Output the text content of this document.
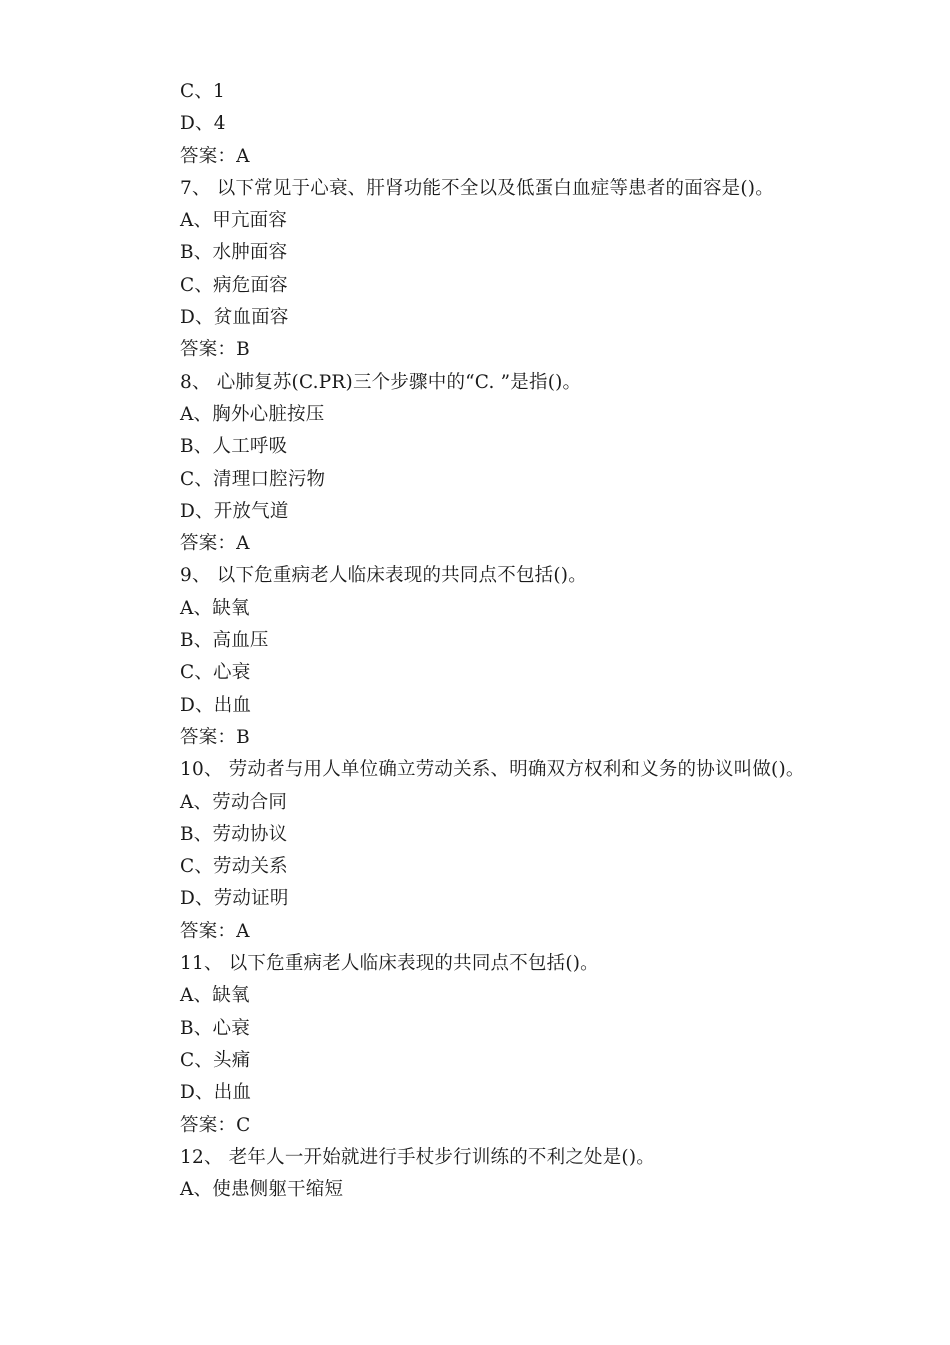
C、1
D、4
答案：A
7、 以下常见于心衰、肝肾功能不全以及低蛋白血症等患者的面容是()。
A、甲亢面容
B、水肿面容
C、病危面容
D、贫血面容
答案：B
8、 心肺复苏(C.PR)三个步骤中的“C. ”是指()。
A、胸外心脏按压
B、人工呼吸
C、清理口腔污物
D、开放气道
答案：A
9、 以下危重病老人临床表现的共同点不包括()。
A、缺氧
B、高血压
C、心衰
D、出血
答案：B
10、 劳动者与用人单位确立劳动关系、明确双方权利和义务的协议叫做()。
A、劳动合同
B、劳动协议
C、劳动关系
D、劳动证明
答案：A
11、 以下危重病老人临床表现的共同点不包括()。
A、缺氧
B、心衰
C、头痛
D、出血
答案：C
12、 老年人一开始就进行手杖步行训练的不利之处是()。
A、使患侧躯干缩短
